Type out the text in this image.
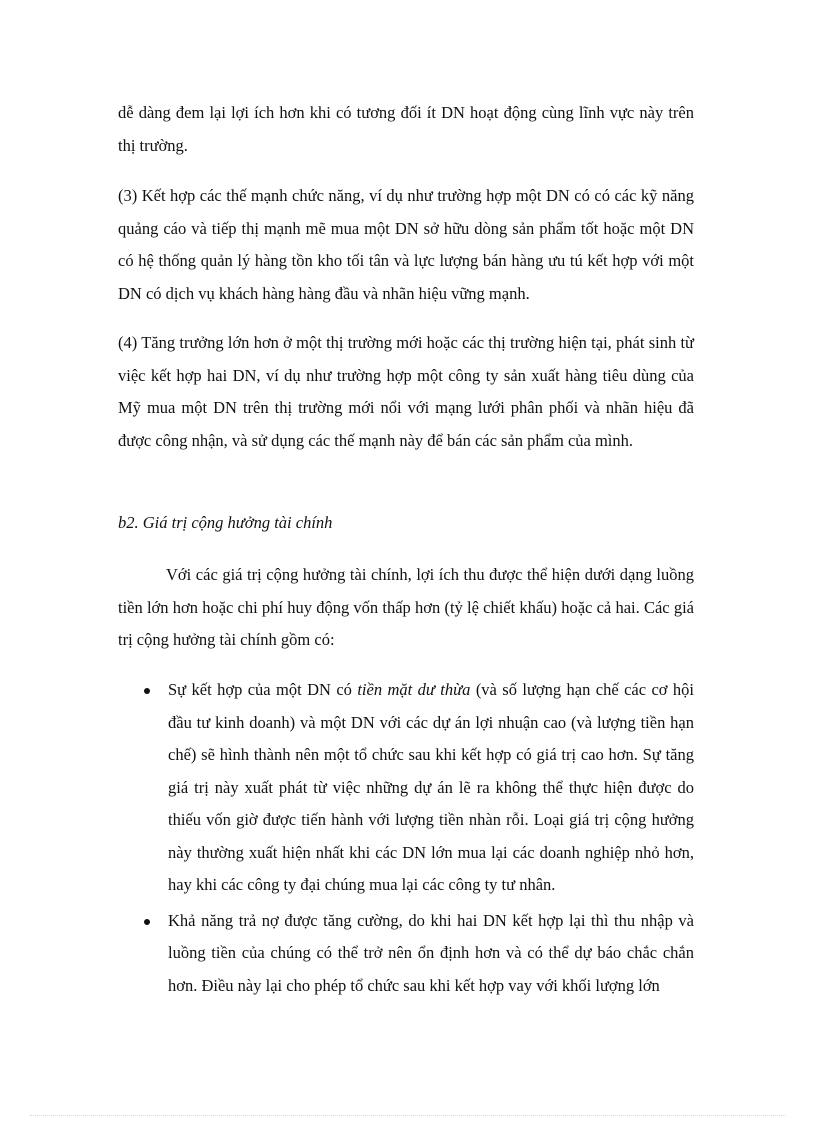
dễ dàng đem lại lợi ích hơn khi có tương đối ít DN hoạt động cùng lĩnh vực này trên thị trường.

(3) Kết hợp các thế mạnh chức năng, ví dụ như trường hợp một DN có có các kỹ năng quảng cáo và tiếp thị mạnh mẽ mua một DN sở hữu dòng sản phẩm tốt hoặc một DN có hệ thống quản lý hàng tồn kho tối tân và lực lượng bán hàng ưu tú kết hợp với một DN có dịch vụ khách hàng hàng đầu và nhãn hiệu vững mạnh.

(4) Tăng trưởng lớn hơn ở một thị trường mới hoặc các thị trường hiện tại, phát sinh từ việc kết hợp hai DN, ví dụ như trường hợp một công ty sản xuất hàng tiêu dùng của Mỹ mua một DN trên thị trường mới nổi với mạng lưới phân phối và nhãn hiệu đã được công nhận, và sử dụng các thế mạnh này để bán các sản phẩm của mình.

b2. Giá trị cộng hưởng tài chính

Với các giá trị cộng hưởng tài chính, lợi ích thu được thể hiện dưới dạng luồng tiền lớn hơn hoặc chi phí huy động vốn thấp hơn (tỷ lệ chiết khấu) hoặc cả hai. Các giá trị cộng hưởng tài chính gồm có:

Sự kết hợp của một DN có tiền mặt dư thừa (và số lượng hạn chế các cơ hội đầu tư kinh doanh) và một DN với các dự án lợi nhuận cao (và lượng tiền hạn chế) sẽ hình thành nên một tổ chức sau khi kết hợp có giá trị cao hơn. Sự tăng giá trị này xuất phát từ việc những dự án lẽ ra không thể thực hiện được do thiếu vốn giờ được tiến hành với lượng tiền nhàn rỗi. Loại giá trị cộng hưởng này thường xuất hiện nhất khi các DN lớn mua lại các doanh nghiệp nhỏ hơn, hay khi các công ty đại chúng mua lại các công ty tư nhân.
Khả năng trả nợ được tăng cường, do khi hai DN kết hợp lại thì thu nhập và luồng tiền của chúng có thể trở nên ổn định hơn và có thể dự báo chắc chắn hơn. Điều này lại cho phép tổ chức sau khi kết hợp vay với khối lượng lớn
